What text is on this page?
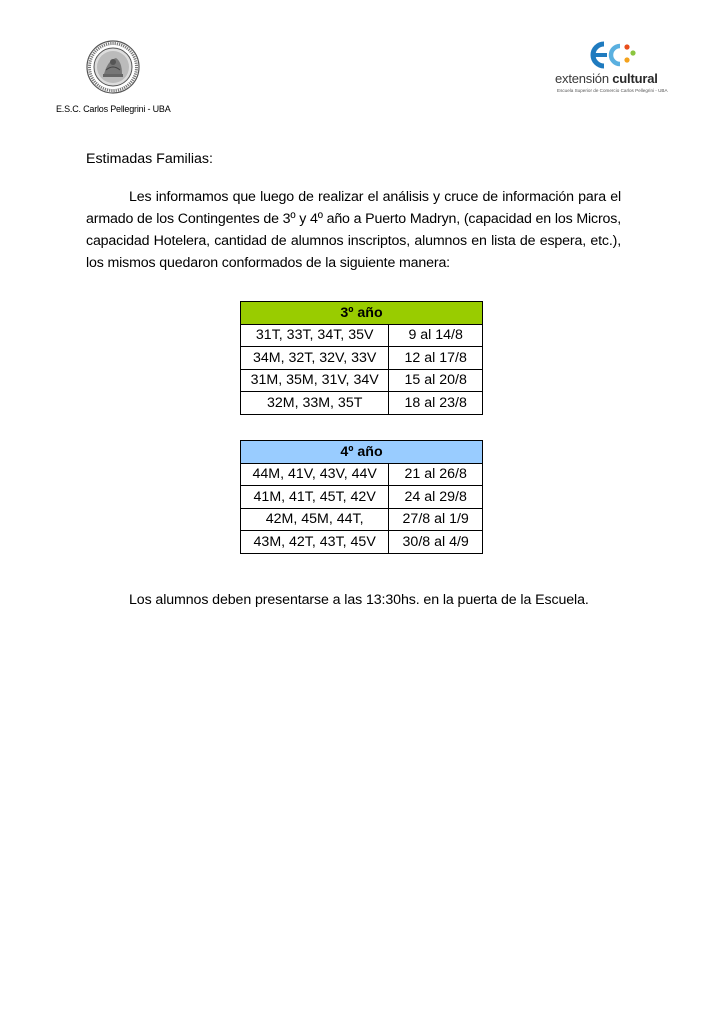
E.S.C. Carlos Pellegrini - UBA
extensión cultural
Escuela Superior de Comercio Carlos Pellegrini - UBA

Estimadas Familias:

Les informamos que luego de realizar el análisis y cruce de información para el armado de los Contingentes de 3º y 4º año a Puerto Madryn, (capacidad en los Micros, capacidad Hotelera, cantidad de alumnos inscriptos, alumnos en lista de espera, etc.), los mismos quedaron conformados de la siguiente manera:

3º año	
31T, 33T, 34T, 35V	9 al 14/8
34M, 32T, 32V, 33V	12 al 17/8
31M, 35M, 31V, 34V	15 al 20/8
32M, 33M, 35T	18 al 23/8
4º año	
44M, 41V, 43V, 44V	21 al 26/8
41M, 41T, 45T, 42V	24 al 29/8
42M, 45M, 44T,	27/8 al 1/9
43M, 42T, 43T, 45V	30/8 al 4/9
Los alumnos deben presentarse a las 13:30hs. en la puerta de la Escuela.
